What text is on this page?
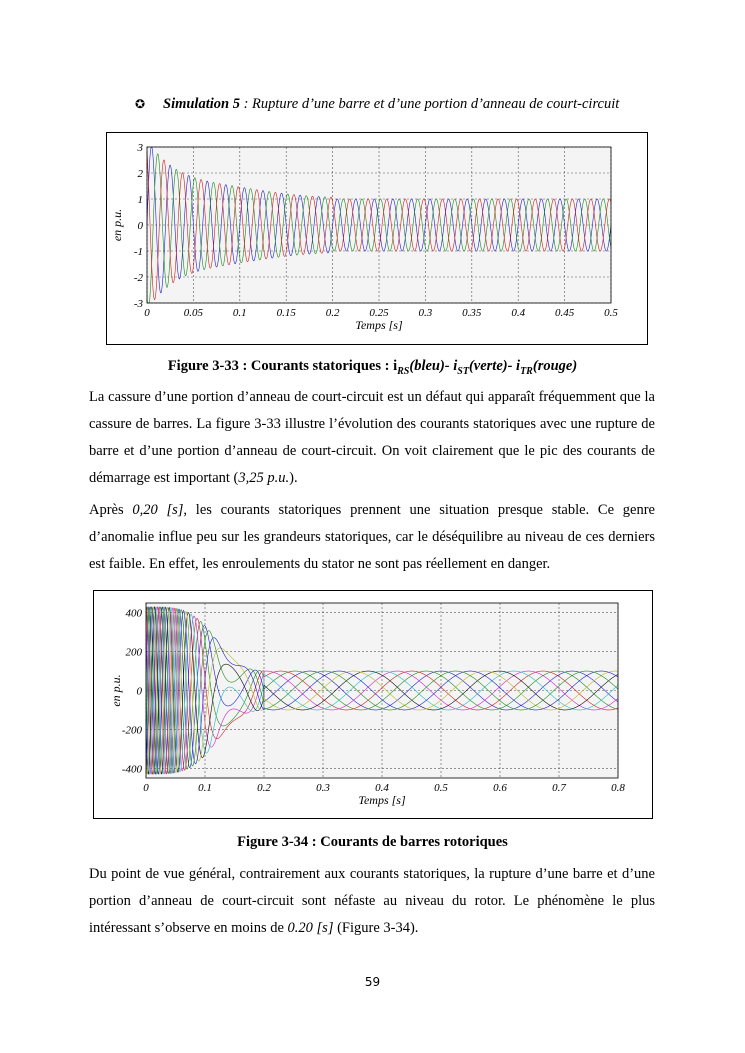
✪ Simulation 5 : Rupture d’une barre et d’une portion d’anneau de court-circuit
0	0.05	0.1	0.15	0.2	0.25	0.3	0.35	0.4	0.45	0.5
3
2
1
0
-1
-2
-3
Temps [s]
en p.u.
Figure 3-33 : Courants statoriques : $i_{RS}(bleu)-$ $i_{ST}(verte)-$ $i_{TR}(rouge)$
La cassure d’une portion d’anneau de court-circuit est un défaut qui apparaît fréquemment que la cassure de barres. La figure 3-33 illustre l’évolution des courants statoriques avec une rupture de barre et d’une portion d’anneau de court-circuit. On voit clairement que le pic des courants de démarrage est important (3,25 p.u.).
Après 0,20 [s], les courants statoriques prennent une situation presque stable. Ce genre d’anomalie influe peu sur les grandeurs statoriques, car le déséquilibre au niveau de ces derniers est faible. En effet, les enroulements du stator ne sont pas réellement en danger.
0	0.1	0.2	0.3	0.4	0.5	0.6	0.7	0.8
400
200
0
-200
-400
Temps [s]
en p.u.
Figure 3-34 : Courants de barres rotoriques
Du point de vue général, contrairement aux courants statoriques, la rupture d’une barre et d’une portion d’anneau de court-circuit sont néfaste au niveau du rotor. Le phénomène le plus intéressant s’observe en moins de 0.20 [s] (Figure 3-34).
59
